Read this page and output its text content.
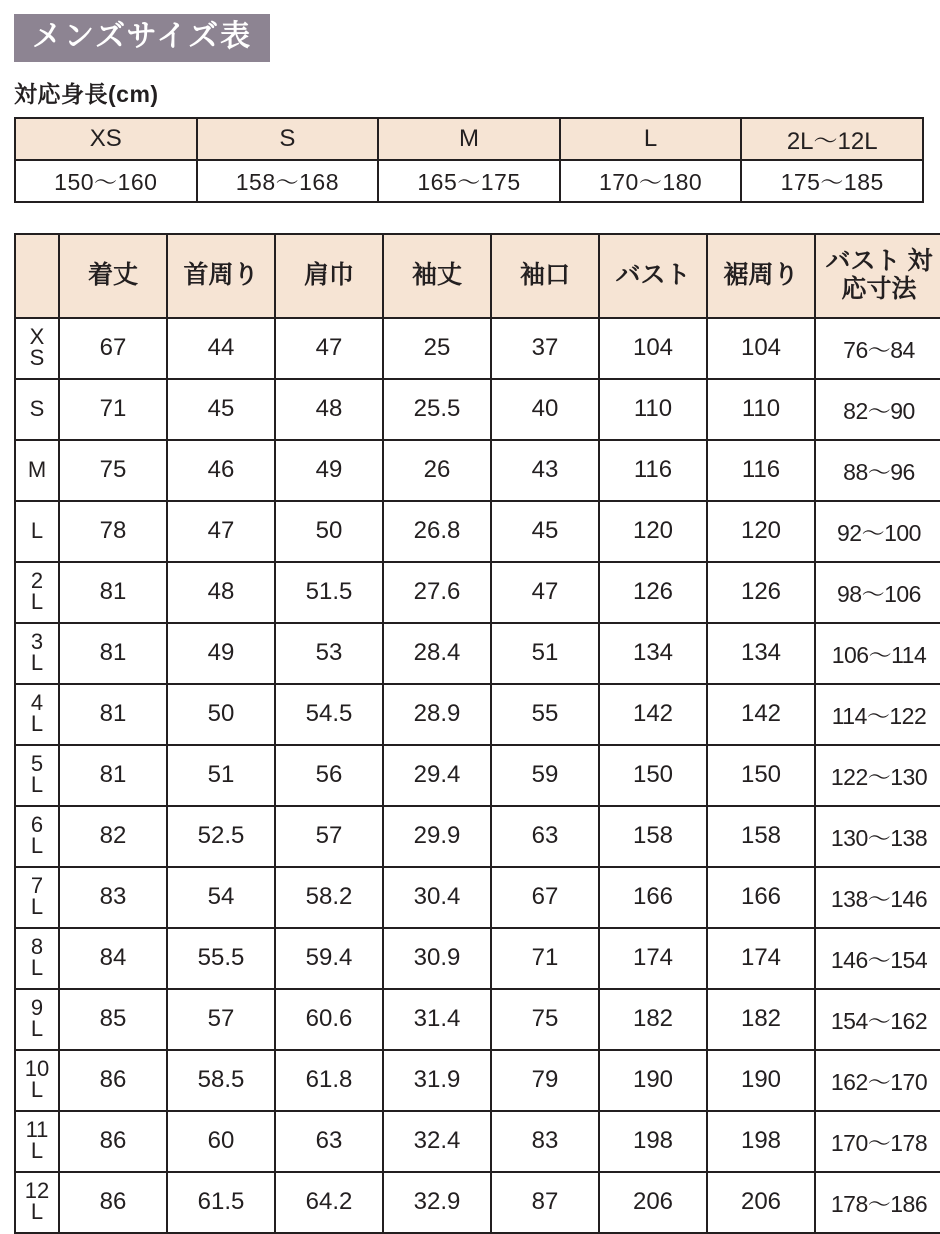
メンズサイズ表
対応身長(cm)
XS	S	M	L	2L〜12L
150〜160	158〜168	165〜175	170〜180	175〜185
	着丈	首周り	肩巾	袖丈	袖口	バスト	裾周り	バスト 対応寸法

X
S	67	44	47	25	37	104	104	76〜84

S	71	45	48	25.5	40	110	110	82〜90

M	75	46	49	26	43	116	116	88〜96

L	78	47	50	26.8	45	120	120	92〜100

2
L	81	48	51.5	27.6	47	126	126	98〜106

3
L	81	49	53	28.4	51	134	134	106〜114

4
L	81	50	54.5	28.9	55	142	142	114〜122

5
L	81	51	56	29.4	59	150	150	122〜130

6
L	82	52.5	57	29.9	63	158	158	130〜138

7
L	83	54	58.2	30.4	67	166	166	138〜146

8
L	84	55.5	59.4	30.9	71	174	174	146〜154

9
L	85	57	60.6	31.4	75	182	182	154〜162

10
L	86	58.5	61.8	31.9	79	190	190	162〜170

11
L	86	60	63	32.4	83	198	198	170〜178

12
L	86	61.5	64.2	32.9	87	206	206	178〜186
